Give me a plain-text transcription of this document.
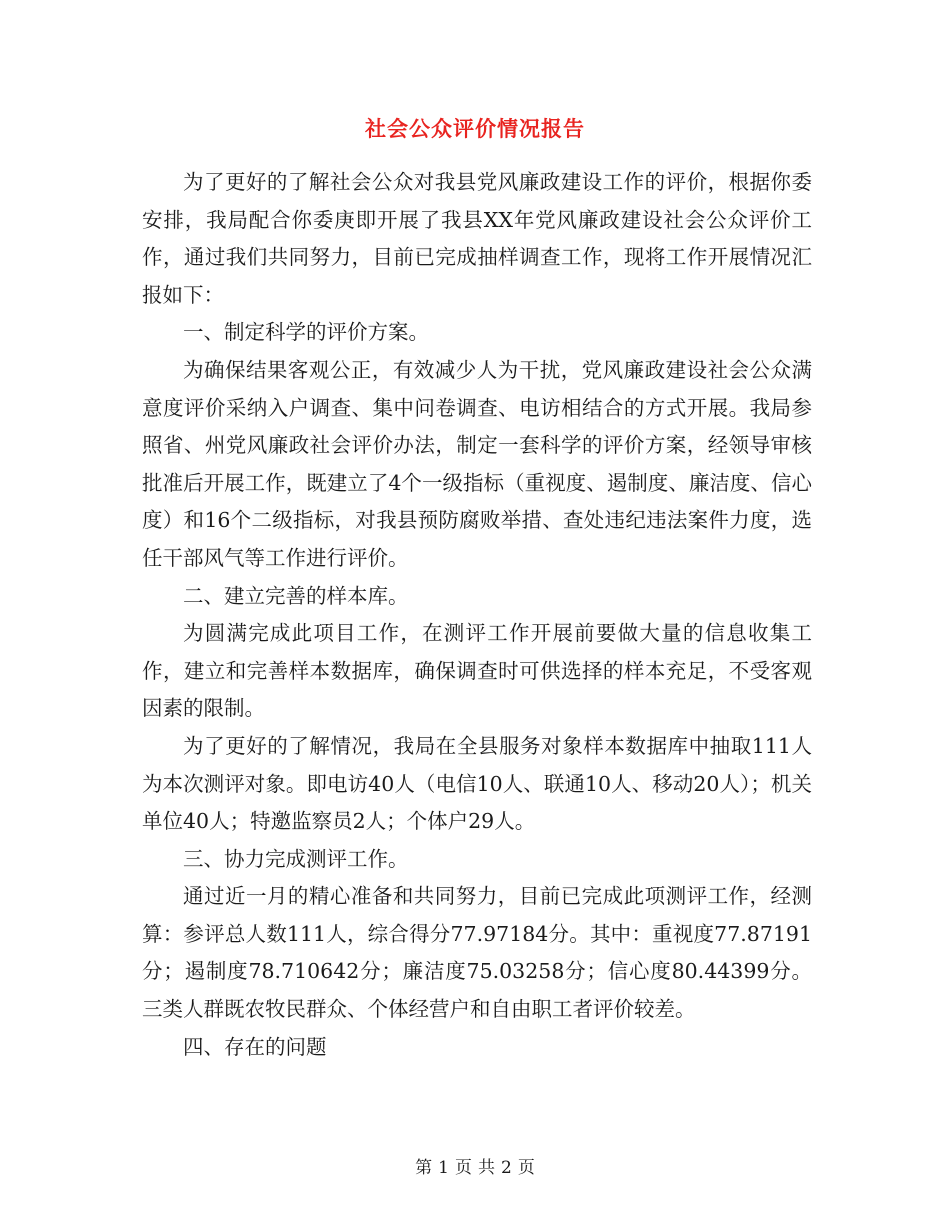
社会公众评价情况报告

为了更好的了解社会公众对我县党风廉政建设工作的评价，根据你委安排，我局配合你委庚即开展了我县XX年党风廉政建设社会公众评价工作，通过我们共同努力，目前已完成抽样调查工作，现将工作开展情况汇报如下：

一、制定科学的评价方案。

为确保结果客观公正，有效减少人为干扰，党风廉政建设社会公众满意度评价采纳入户调查、集中问卷调查、电访相结合的方式开展。我局参照省、州党风廉政社会评价办法，制定一套科学的评价方案，经领导审核批准后开展工作，既建立了4个一级指标（重视度、遏制度、廉洁度、信心度）和16个二级指标，对我县预防腐败举措、查处违纪违法案件力度，选任干部风气等工作进行评价。

二、建立完善的样本库。

为圆满完成此项目工作，在测评工作开展前要做大量的信息收集工作，建立和完善样本数据库，确保调查时可供选择的样本充足，不受客观因素的限制。

为了更好的了解情况，我局在全县服务对象样本数据库中抽取111人为本次测评对象。即电访40人（电信10人、联通10人、移动20人）；机关单位40人；特邀监察员2人；个体户29人。

三、协力完成测评工作。

通过近一月的精心准备和共同努力，目前已完成此项测评工作，经测算：参评总人数111人，综合得分77.97184分。其中：重视度77.87191分；遏制度78.710642分；廉洁度75.03258分；信心度80.44399分。三类人群既农牧民群众、个体经营户和自由职工者评价较差。

四、存在的问题

第 1 页 共 2 页
